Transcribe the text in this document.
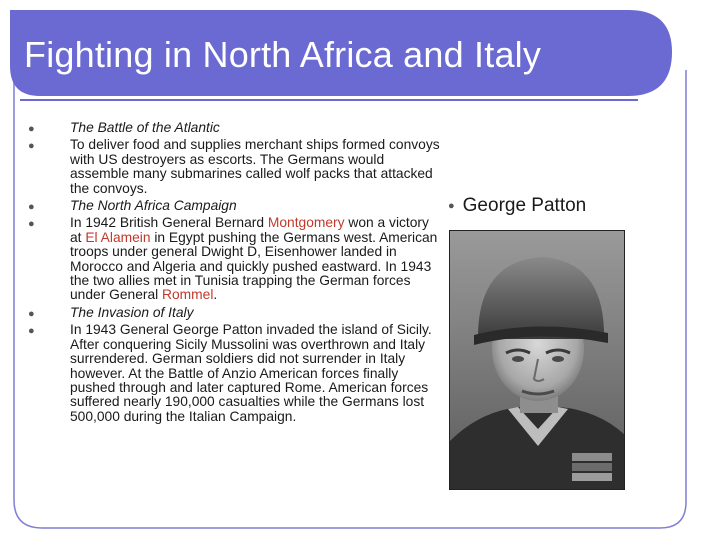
Fighting in North Africa and Italy
●	The Battle of the Atlantic
●	To deliver food and supplies merchant ships formed convoys with US destroyers as escorts. The Germans would assemble many submarines called wolf packs that attacked the convoys.
●	The North Africa Campaign
●	In 1942 British General Bernard Montgomery won a victory at El Alamein in Egypt pushing the Germans west. American troops under general Dwight D, Eisenhower landed in Morocco and Algeria and quickly pushed eastward. In 1943 the two allies met in Tunisia trapping the German forces under General Rommel.
●	The Invasion of Italy
●	In 1943 General George Patton invaded the island of Sicily. After conquering Sicily Mussolini was overthrown and Italy surrendered. German soldiers did not surrender in Italy however. At the Battle of Anzio American forces finally pushed through and later captured Rome. American forces suffered nearly 190,000 casualties while the Germans lost 500,000 during the Italian Campaign.
● George Patton
